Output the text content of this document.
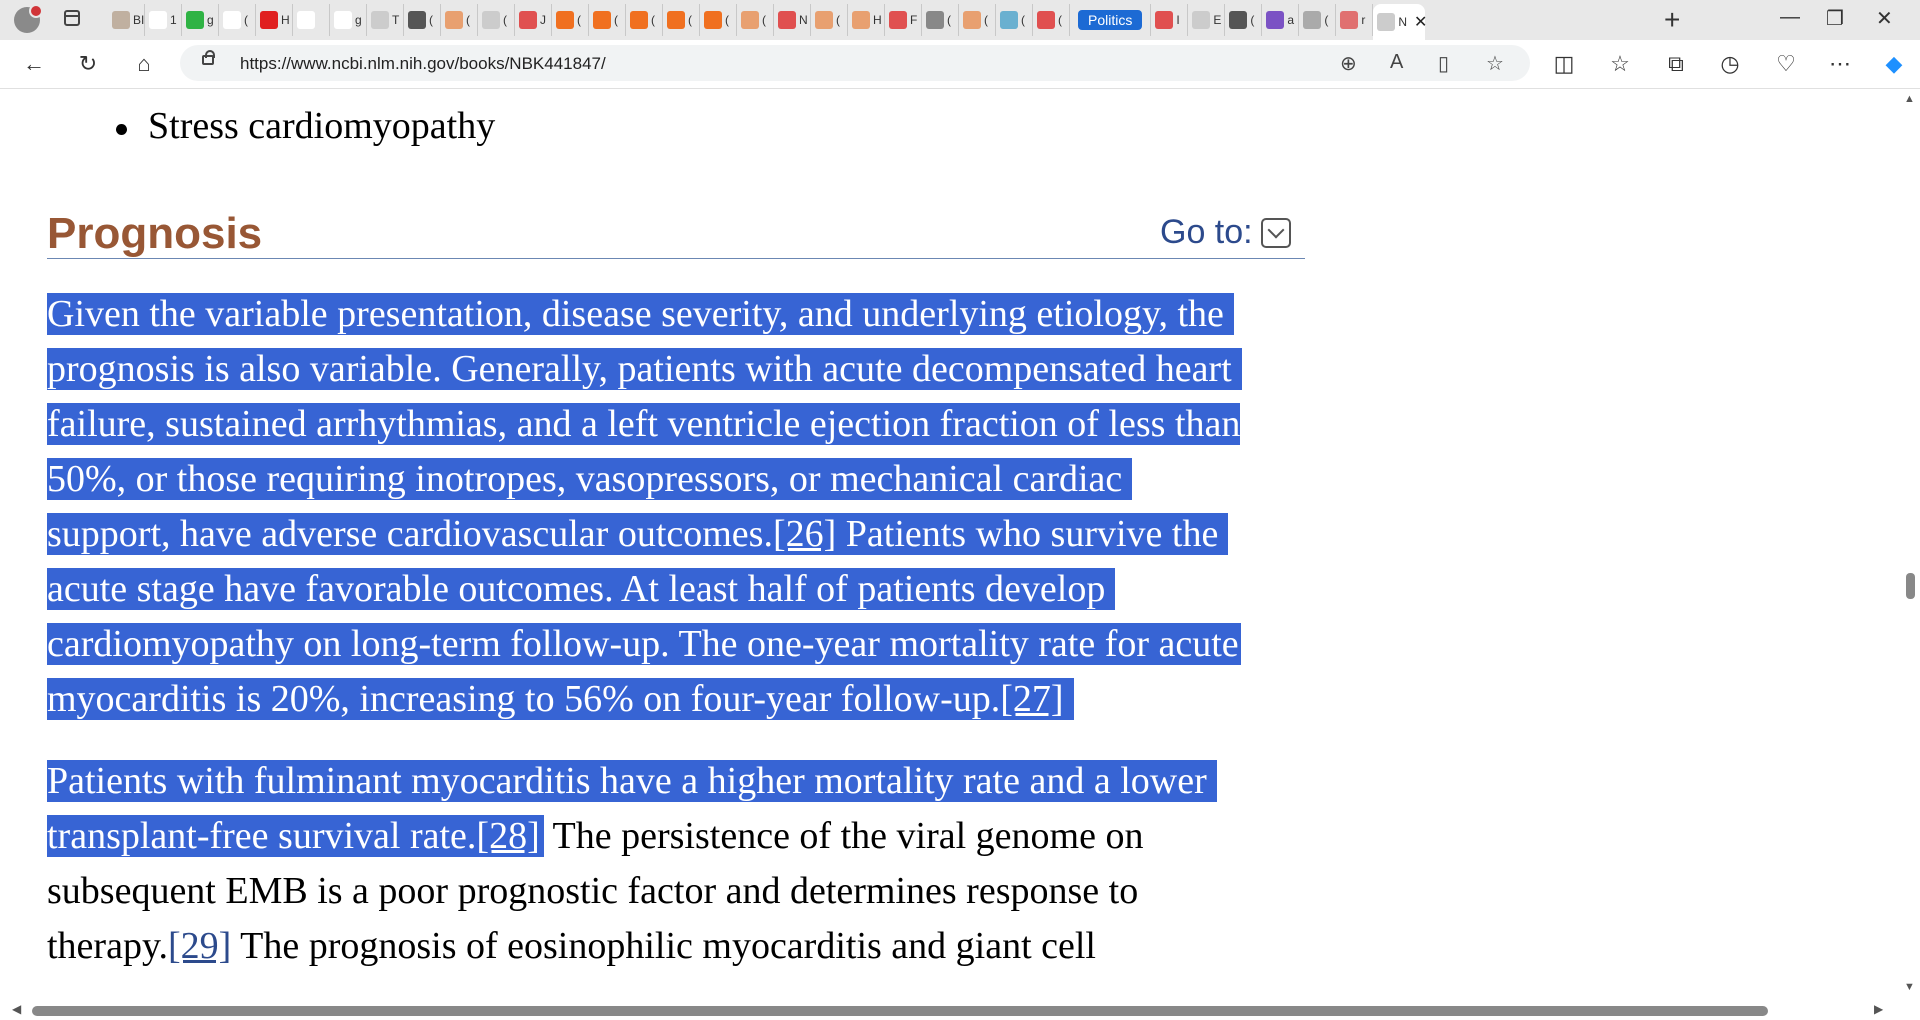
BI 1	g	(	H	g	T (	(	(	J	(	(	(	(	(	(	N (	H F (	(	(	(	Politics	I	E (	a	(	r	N ✕	+	— ❐ ✕
← ↻	⌂	https://www.ncbi.nlm.nih.gov/books/NBK441847/	⊕ A ▯ ☆ ◫ ☆ ⧉ ◷ ♡ ⋯ ◆
Stress cardiomyopathy
Prognosis	Go to:

Given the variable presentation, disease severity, and underlying etiology, the
prognosis is also variable. Generally, patients with acute decompensated heart
failure, sustained arrhythmias, and a left ventricle ejection fraction of less than
50%, or those requiring inotropes, vasopressors, or mechanical cardiac
support, have adverse cardiovascular outcomes.[26] Patients who survive the
acute stage have favorable outcomes. At least half of patients develop
cardiomyopathy on long-term follow-up. The one-year mortality rate for acute
myocarditis is 20%, increasing to 56% on four-year follow-up.[27]

Patients with fulminant myocarditis have a higher mortality rate and a lower
transplant-free survival rate.[28] The persistence of the viral genome on
subsequent EMB is a poor prognostic factor and determines response to
therapy.[29] The prognosis of eosinophilic myocarditis and giant cell

▲
▼
◀	▶
